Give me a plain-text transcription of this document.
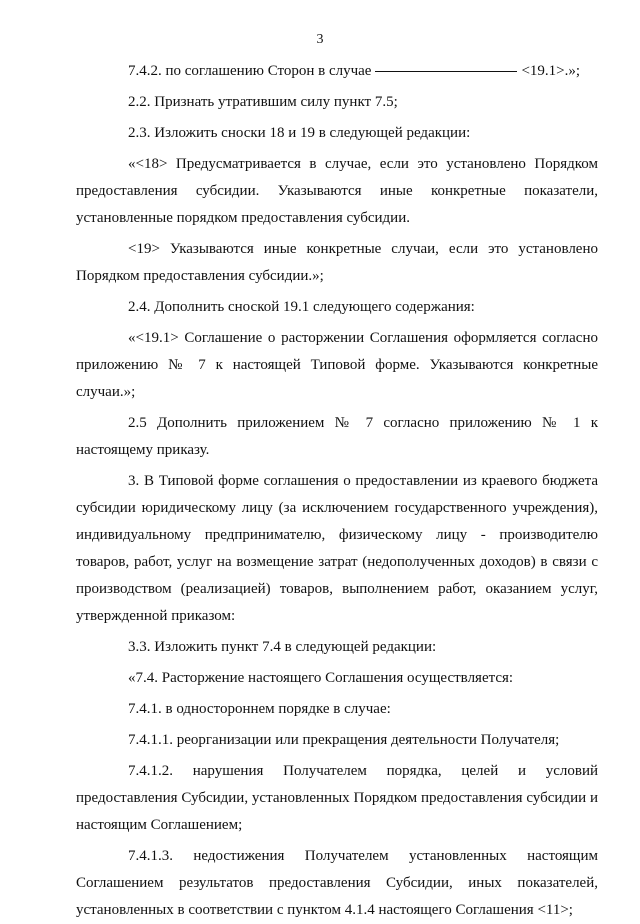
3

7.4.2. по соглашению Сторон в случае	<19.1>.»;

2.2. Признать утратившим силу пункт 7.5;

2.3. Изложить сноски 18 и 19 в следующей редакции:

«<18> Предусматривается в случае, если это установлено Порядком предоставления субсидии. Указываются иные конкретные показатели, установленные порядком предоставления субсидии.

<19> Указываются иные конкретные случаи, если это установлено Порядком предоставления субсидии.»;

2.4. Дополнить сноской 19.1 следующего содержания:

«<19.1> Соглашение о расторжении Соглашения оформляется согласно приложению № 7 к настоящей Типовой форме. Указываются конкретные случаи.»;

2.5 Дополнить приложением № 7 согласно приложению № 1 к настоящему приказу.

3. В Типовой форме соглашения о предоставлении из краевого бюджета субсидии юридическому лицу (за исключением государственного учреждения), индивидуальному предпринимателю, физическому лицу - производителю товаров, работ, услуг на возмещение затрат (недополученных доходов) в связи с производством (реализацией) товаров, выполнением работ, оказанием услуг, утвержденной приказом:

3.3. Изложить пункт 7.4 в следующей редакции:

«7.4. Расторжение настоящего Соглашения осуществляется:

7.4.1. в одностороннем порядке в случае:

7.4.1.1. реорганизации или прекращения деятельности Получателя;

7.4.1.2. нарушения Получателем порядка, целей и условий предоставления Субсидии, установленных Порядком предоставления субсидии и настоящим Соглашением;

7.4.1.3. недостижения Получателем установленных настоящим Соглашением результатов предоставления Субсидии, иных показателей, установленных в соответствии с пунктом 4.1.4 настоящего Соглашения <11>;
